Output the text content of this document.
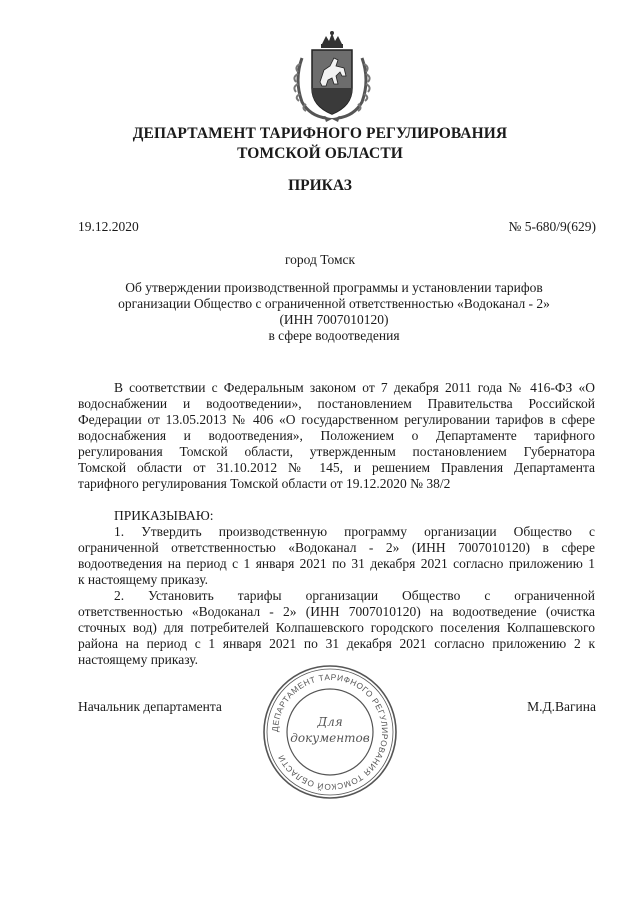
ДЕПАРТАМЕНТ ТАРИФНОГО РЕГУЛИРОВАНИЯ
ТОМСКОЙ ОБЛАСТИ
ПРИКАЗ
19.12.2020	№ 5-680/9(629)
город Томск
Об утверждении производственной программы и установлении тарифов
организации Общество с ограниченной ответственностью «Водоканал - 2»
(ИНН 7007010120)
в сфере водоотведения
В соответствии с Федеральным законом от 7 декабря 2011 года № 416-ФЗ «О
водоснабжении и водоотведении», постановлением Правительства Российской
Федерации от 13.05.2013 № 406 «О государственном регулировании тарифов в сфере
водоснабжения и водоотведения», Положением о Департаменте тарифного
регулирования Томской области, утвержденным постановлением Губернатора
Томской области от 31.10.2012 № 145, и решением Правления Департамента
тарифного регулирования Томской области от 19.12.2020 № 38/2
ПРИКАЗЫВАЮ:
1. Утвердить производственную программу организации Общество с
ограниченной ответственностью «Водоканал - 2» (ИНН 7007010120) в сфере
водоотведения на период с 1 января 2021 по 31 декабря 2021 согласно приложению 1
к настоящему приказу.
2. Установить тарифы организации Общество с ограниченной
ответственностью «Водоканал - 2» (ИНН 7007010120) на водоотведение (очистка
сточных вод) для потребителей Колпашевского городского поселения Колпашевского
района на период с 1 января 2021 по 31 декабря 2021 согласно приложению 2 к
настоящему приказу.
Начальник департамента	М.Д.Вагина
ДЕПАРТАМЕНТ ТАРИФНОГО РЕГУЛИРОВАНИЯ ТОМСКОЙ ОБЛАСТИ
Для
документов
